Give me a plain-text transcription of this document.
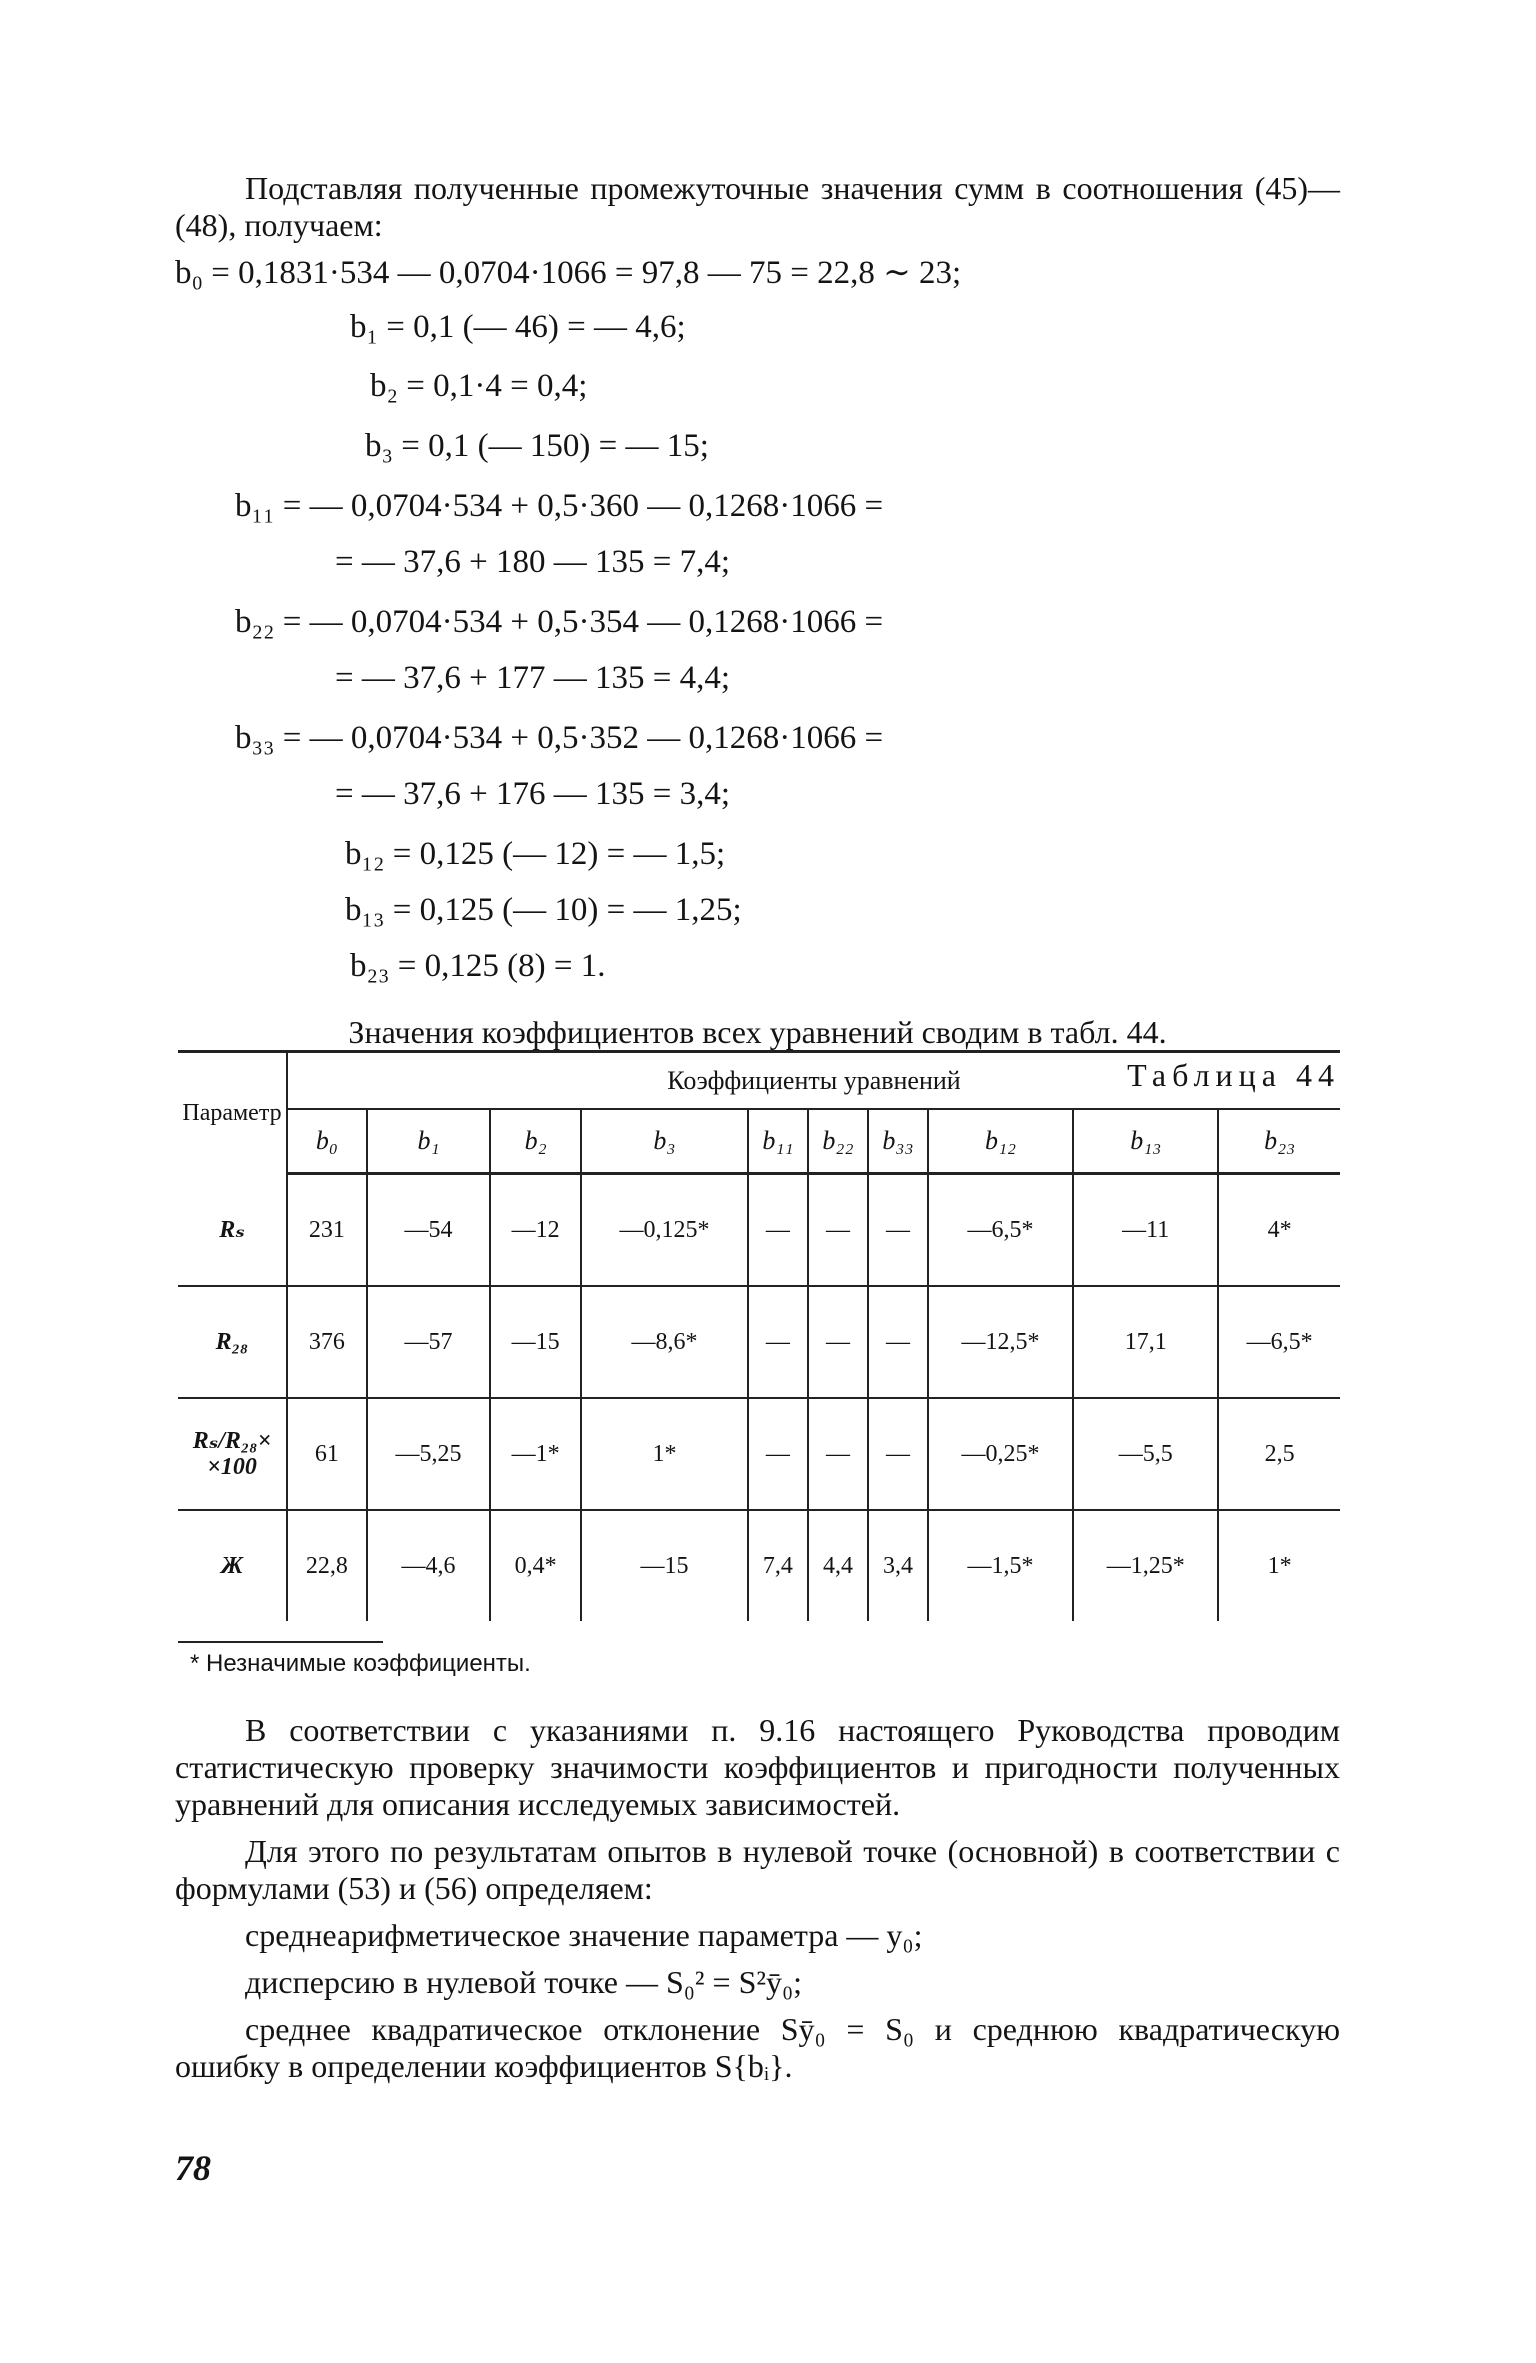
Подставляя полученные промежуточные значения сумм в соотношения (45)—(48), получаем:

b₀ = 0,1831·534 — 0,0704·1066 = 97,8 — 75 = 22,8 ∼ 23;
b₁ = 0,1 (— 46) = — 4,6;
b₂ = 0,1·4 = 0,4;
b₃ = 0,1 (— 150) = — 15;
b₁₁ = — 0,0704·534 + 0,5·360 — 0,1268·1066 =
= — 37,6 + 180 — 135 = 7,4;
b₂₂ = — 0,0704·534 + 0,5·354 — 0,1268·1066 =
= — 37,6 + 177 — 135 = 4,4;
b₃₃ = — 0,0704·534 + 0,5·352 — 0,1268·1066 =
= — 37,6 + 176 — 135 = 3,4;
b₁₂ = 0,125 (— 12) = — 1,5;
b₁₃ = 0,125 (— 10) = — 1,25;
b₂₃ = 0,125 (8) = 1.

Значения коэффициентов всех уравнений сводим в табл. 44.

Таблица 44

Параметр	Коэффициенты уравнений									
	b₀	b₁	b₂	b₃	b₁₁	b₂₂	b₃₃	b₁₂	b₁₃	b₂₃
Rₛ	231	—54	—12	—0,125*	—	—	—	—6,5*	—11	4*
R₂₈	376	—57	—15	—8,6*	—	—	—	—12,5*	17,1	—6,5*
Rₛ/R₂₈×
×100	61	—5,25	—1*	1*	—	—	—	—0,25*	—5,5	2,5
Ж	22,8	—4,6	0,4*	—15	7,4	4,4	3,4	—1,5*	—1,25*	1*
* Незначимые коэффициенты.

В соответствии с указаниями п. 9.16 настоящего Руководства проводим статистическую проверку значимости коэффициентов и пригодности полученных уравнений для описания исследуемых зависимостей.

Для этого по результатам опытов в нулевой точке (основной) в соответствии с формулами (53) и (56) определяем:

среднеарифметическое значение параметра — y₀;

дисперсию в нулевой точке — S₀² = S²ȳ₀;

среднее квадратическое отклонение Sȳ₀ = S₀ и среднюю квадратическую ошибку в определении коэффициентов S{bᵢ}.

78
